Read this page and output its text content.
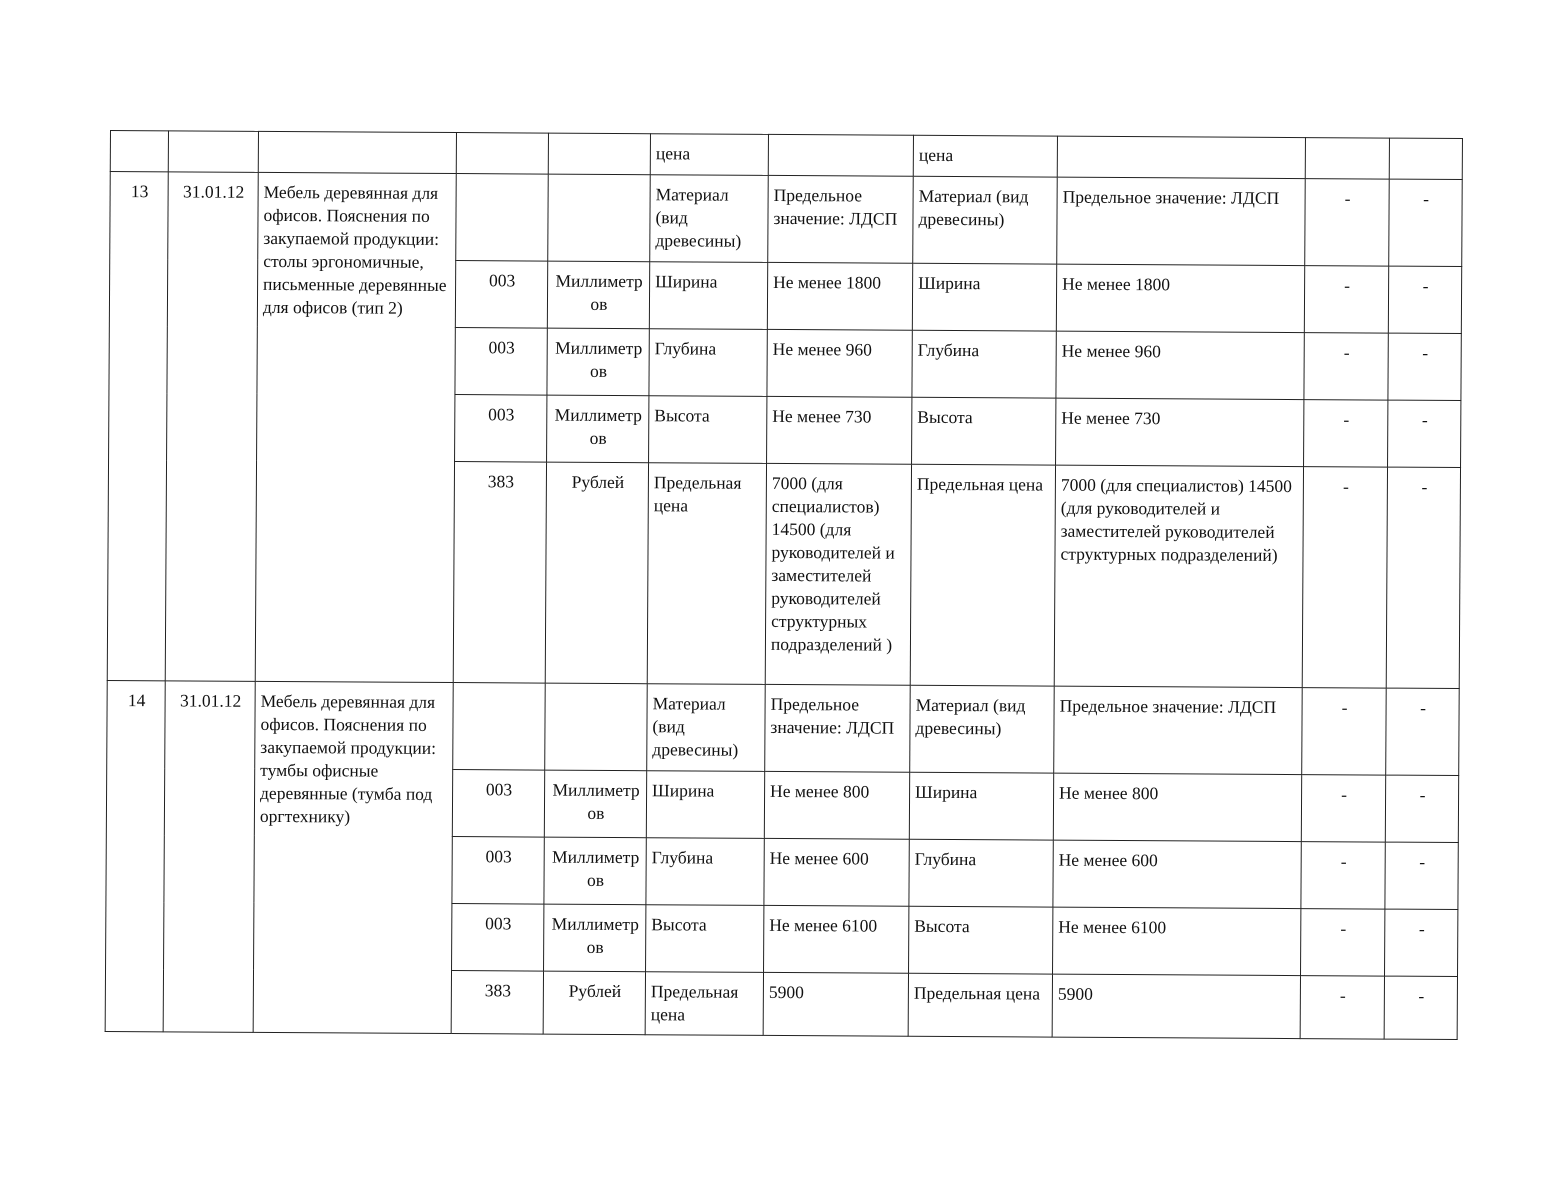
					цена		цена			
13	31.01.12	Мебель деревянная для офисов. Пояснения по закупаемой продукции: столы эргономичные, письменные деревянные для офисов (тип 2)			Материал (вид древесины)	Предельное значение: ЛДСП	Материал (вид древесины)	Предельное значение: ЛДСП	-	-
			003	Миллиметров	Ширина	Не менее 1800	Ширина	Не менее 1800	-	-
			003	Миллиметров	Глубина	Не менее 960	Глубина	Не менее 960	-	-
			003	Миллиметров	Высота	Не менее 730	Высота	Не менее 730	-	-
			383	Рублей	Предельная цена	7000 (для специалистов) 14500 (для руководителей и заместителей руководителей структурных подразделений )	Предельная цена	7000 (для специалистов) 14500 (для руководителей и заместителей руководителей структурных подразделений)	-	-
14	31.01.12	Мебель деревянная для офисов. Пояснения по закупаемой продукции: тумбы офисные деревянные (тумба под оргтехнику)			Материал (вид древесины)	Предельное значение: ЛДСП	Материал (вид древесины)	Предельное значение: ЛДСП	-	-
			003	Миллиметров	Ширина	Не менее 800	Ширина	Не менее 800	-	-
			003	Миллиметров	Глубина	Не менее 600	Глубина	Не менее 600	-	-
			003	Миллиметров	Высота	Не менее 6100	Высота	Не менее 6100	-	-
			383	Рублей	Предельная цена	5900	Предельная цена	5900	-	-
